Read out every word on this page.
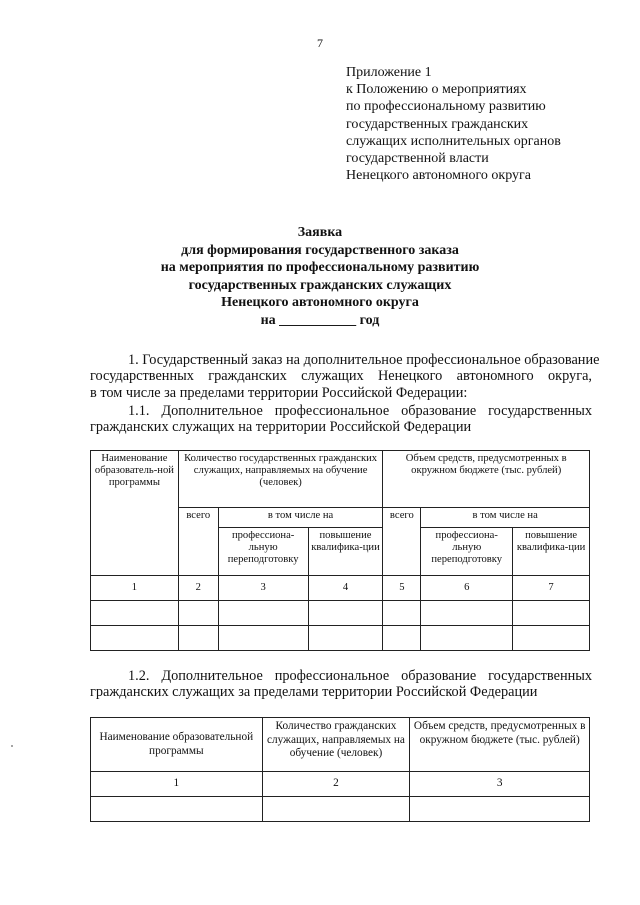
7
Приложение 1
к Положению о мероприятиях
по профессиональному развитию
государственных гражданских
служащих исполнительных органов
государственной власти
Ненецкого автономного округа
Заявка
для формирования государственного заказа
на мероприятия по профессиональному развитию
государственных гражданских служащих
Ненецкого автономного округа
на ___________ год
1. Государственный заказ на дополнительное профессиональное образование
государственных гражданских служащих Ненецкого автономного округа,
в том числе за пределами территории Российской Федерации:
1.1. Дополнительное профессиональное образование государственных
гражданских служащих на территории Российской Федерации
Наименование образователь-ной программы	Количество государственных гражданских служащих, направляемых на обучение (человек)			Объем средств, предусмотренных в окружном бюджете (тыс. рублей)		
	всего	в том числе на		всего	в том числе на	
		профессиона-льную переподготовку	повышение квалифика-ции		профессиона-льную переподготовку	повышение квалифика-ции
1	2	3	4	5	6	7

1.2. Дополнительное профессиональное образование государственных
гражданских служащих за пределами территории Российской Федерации
Наименование образовательной программы	Количество гражданских служащих, направляемых на обучение (человек)	Объем средств, предусмотренных в окружном бюджете (тыс. рублей)
1	2	3
